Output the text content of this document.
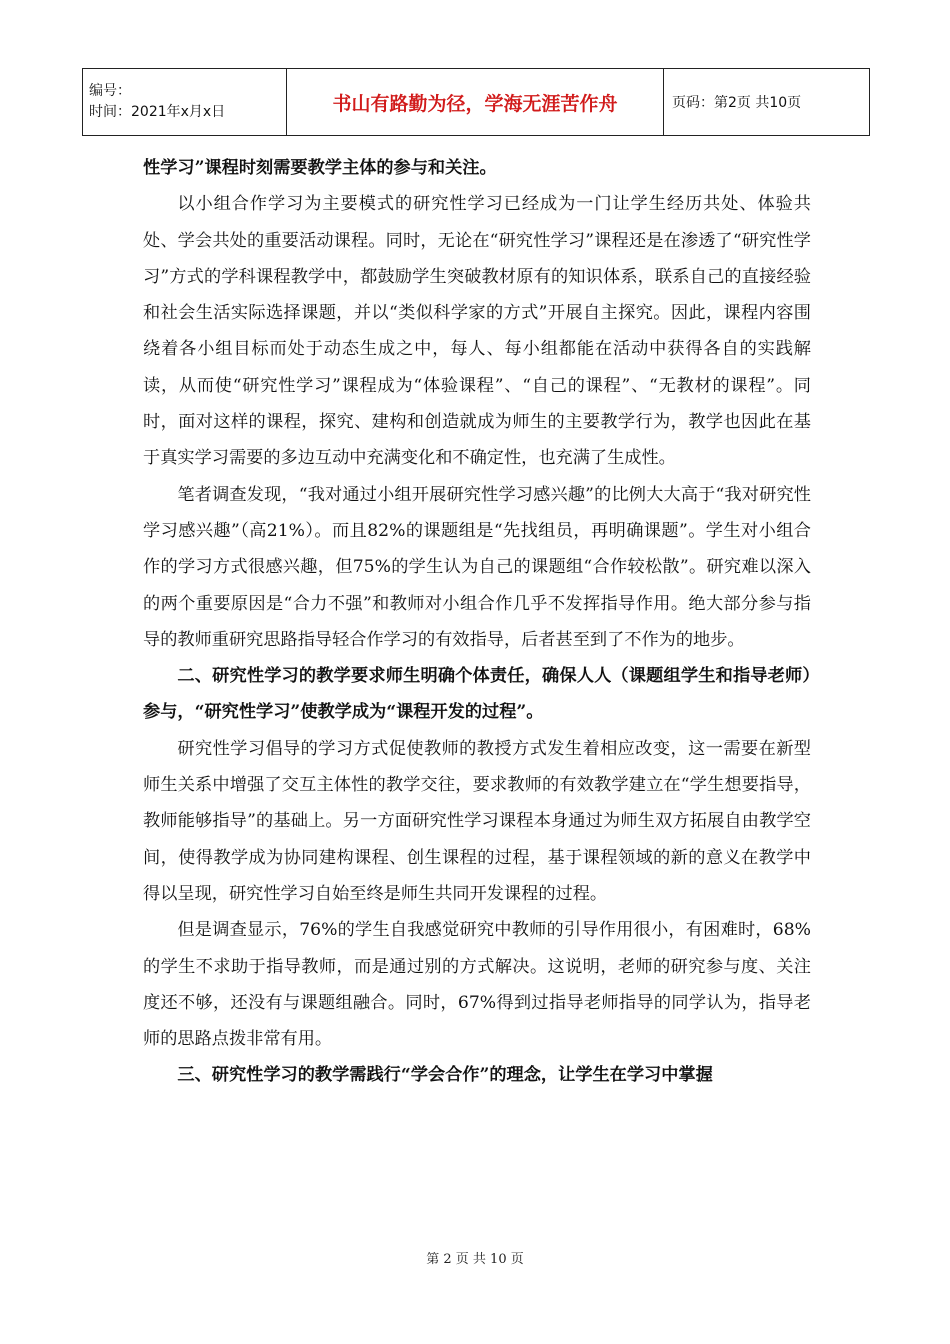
编号：
时间：2021年x月x日	书山有路勤为径，学海无涯苦作舟	页码：第2页 共10页

性学习”课程时刻需要教学主体的参与和关注。

以小组合作学习为主要模式的研究性学习已经成为一门让学生经历共处、体验共处、学会共处的重要活动课程。同时，无论在“研究性学习”课程还是在渗透了“研究性学习”方式的学科课程教学中，都鼓励学生突破教材原有的知识体系，联系自己的直接经验和社会生活实际选择课题，并以“类似科学家的方式”开展自主探究。因此，课程内容围绕着各小组目标而处于动态生成之中，每人、每小组都能在活动中获得各自的实践解读，从而使“研究性学习”课程成为“体验课程”、“自己的课程”、“无教材的课程”。同时，面对这样的课程，探究、建构和创造就成为师生的主要教学行为，教学也因此在基于真实学习需要的多边互动中充满变化和不确定性，也充满了生成性。

笔者调查发现，“我对通过小组开展研究性学习感兴趣”的比例大大高于“我对研究性学习感兴趣”（高21%）。而且82%的课题组是“先找组员，再明确课题”。学生对小组合作的学习方式很感兴趣，但75%的学生认为自己的课题组“合作较松散”。研究难以深入的两个重要原因是“合力不强”和教师对小组合作几乎不发挥指导作用。绝大部分参与指导的教师重研究思路指导轻合作学习的有效指导，后者甚至到了不作为的地步。

二、研究性学习的教学要求师生明确个体责任，确保人人（课题组学生和指导老师）参与，“研究性学习”使教学成为“课程开发的过程”。

研究性学习倡导的学习方式促使教师的教授方式发生着相应改变，这一需要在新型师生关系中增强了交互主体性的教学交往，要求教师的有效教学建立在“学生想要指导，教师能够指导”的基础上。另一方面研究性学习课程本身通过为师生双方拓展自由教学空间，使得教学成为协同建构课程、创生课程的过程，基于课程领域的新的意义在教学中得以呈现，研究性学习自始至终是师生共同开发课程的过程。

但是调查显示，76%的学生自我感觉研究中教师的引导作用很小，有困难时，68%的学生不求助于指导教师，而是通过别的方式解决。这说明，老师的研究参与度、关注度还不够，还没有与课题组融合。同时，67%得到过指导老师指导的同学认为，指导老师的思路点拨非常有用。

三、研究性学习的教学需践行“学会合作”的理念，让学生在学习中掌握

第 2 页 共 10 页
